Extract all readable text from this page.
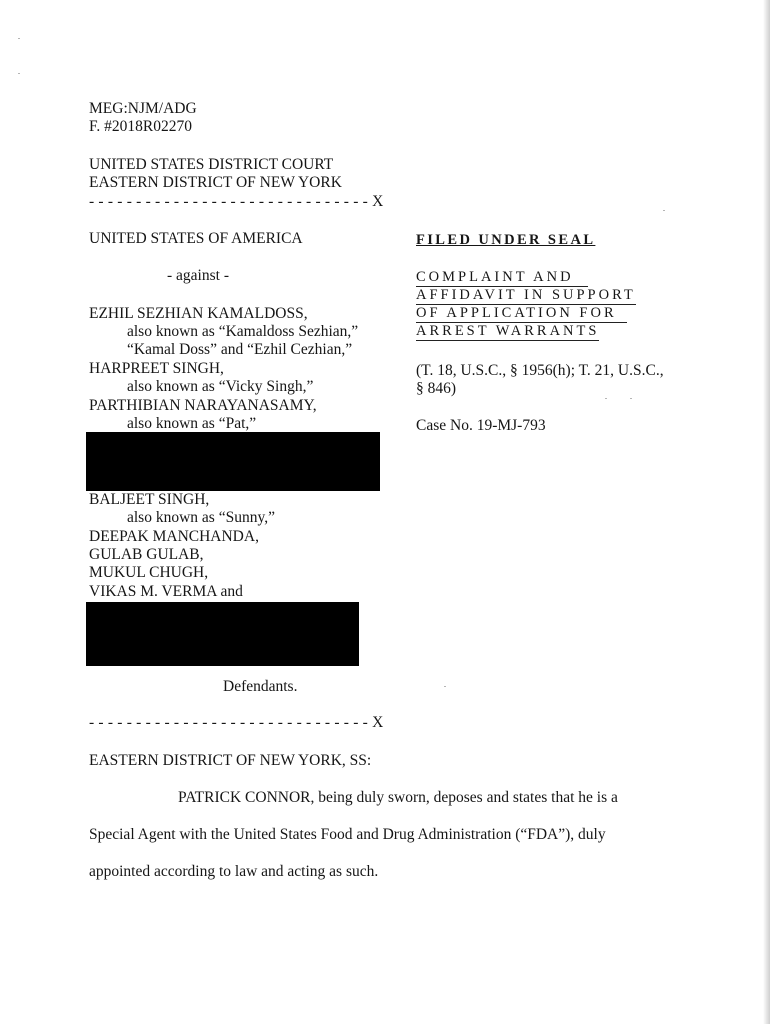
MEG:NJM/ADG
F. #2018R02270
UNITED STATES DISTRICT COURT
EASTERN DISTRICT OF NEW YORK
- - - - - - - - - - - - - - - - - - - - - - - - - - - - - - X
UNITED STATES OF AMERICA
- against -
EZHIL SEZHIAN KAMALDOSS,
also known as “Kamaldoss Sezhian,”
“Kamal Doss” and “Ezhil Cezhian,”
HARPREET SINGH,
also known as “Vicky Singh,”
PARTHIBIAN NARAYANASAMY,
also known as “Pat,”
BALJEET SINGH,
also known as “Sunny,”
DEEPAK MANCHANDA,
GULAB GULAB,
MUKUL CHUGH,
VIKAS M. VERMA and
Defendants.
- - - - - - - - - - - - - - - - - - - - - - - - - - - - - - X
FILED UNDER SEAL
COMPLAINT AND
AFFIDAVIT IN SUPPORT
OF APPLICATION FOR
ARREST WARRANTS
(T. 18, U.S.C., § 1956(h); T. 21, U.S.C.,
§ 846)
Case No. 19-MJ-793
EASTERN DISTRICT OF NEW YORK, SS:
PATRICK CONNOR, being duly sworn, deposes and states that he is a
Special Agent with the United States Food and Drug Administration (“FDA”), duly
appointed according to law and acting as such.
